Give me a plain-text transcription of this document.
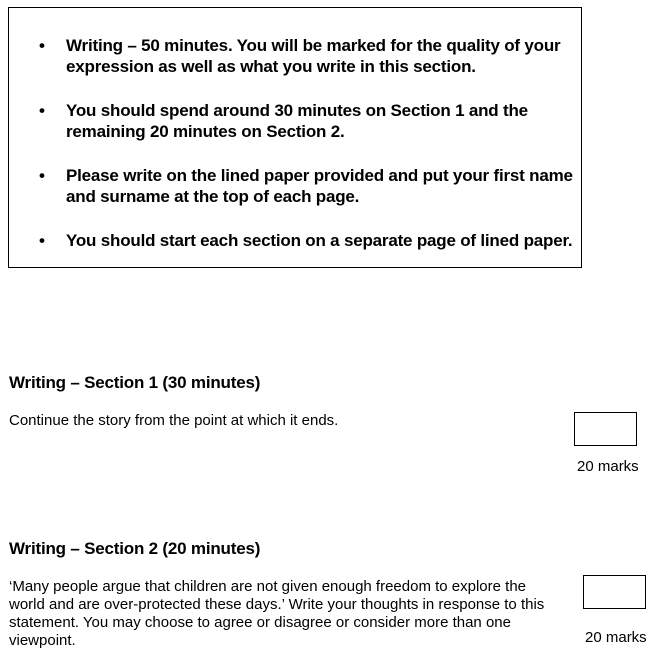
•	Writing – 50 minutes. You will be marked for the quality of your
expression as well as what you write in this section.
•	You should spend around 30 minutes on Section 1 and the
remaining 20 minutes on Section 2.
•	Please write on the lined paper provided and put your first name
and surname at the top of each page.
•	You should start each section on a separate page of lined paper.
Writing – Section 1 (30 minutes)
Continue the story from the point at which it ends.
20 marks
Writing – Section 2 (20 minutes)
‘Many people argue that children are not given enough freedom to explore the
world and are over-protected these days.’ Write your thoughts in response to this
statement. You may choose to agree or disagree or consider more than one
viewpoint.	20 marks
